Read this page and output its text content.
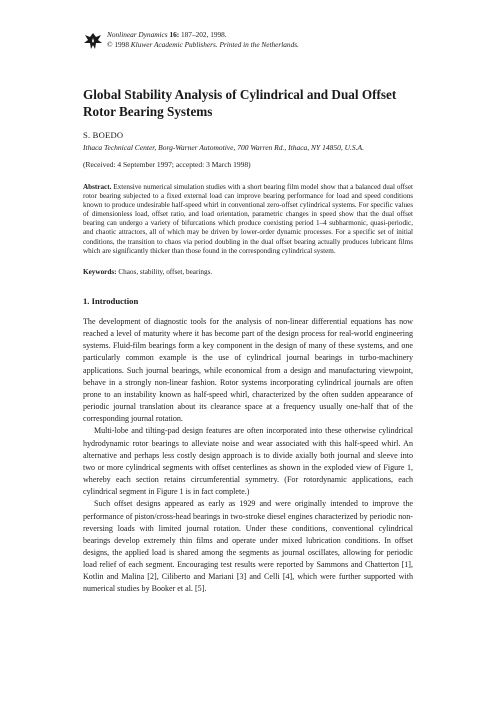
Nonlinear Dynamics 16: 187–202, 1998.
© 1998 Kluwer Academic Publishers. Printed in the Netherlands.
Global Stability Analysis of Cylindrical and Dual Offset Rotor Bearing Systems
S. BOEDO
Ithaca Technical Center, Borg-Warner Automotive, 700 Warren Rd., Ithaca, NY 14850, U.S.A.
(Received: 4 September 1997; accepted: 3 March 1998)

Abstract. Extensive numerical simulation studies with a short bearing film model show that a balanced dual offset rotor bearing subjected to a fixed external load can improve bearing performance for load and speed conditions known to produce undesirable half-speed whirl in conventional zero-offset cylindrical systems. For specific values of dimensionless load, offset ratio, and load orientation, parametric changes in speed show that the dual offset bearing can undergo a variety of bifurcations which produce coexisting period 1–4 subharmonic, quasi-periodic, and chaotic attractors, all of which may be driven by lower-order dynamic processes. For a specific set of initial conditions, the transition to chaos via period doubling in the dual offset bearing actually produces lubricant films which are significantly thicker than those found in the corresponding cylindrical system.

Keywords: Chaos, stability, offset, bearings.
1. Introduction

The development of diagnostic tools for the analysis of non-linear differential equations has now reached a level of maturity where it has become part of the design process for real-world engineering systems. Fluid-film bearings form a key component in the design of many of these systems, and one particularly common example is the use of cylindrical journal bearings in turbo-machinery applications. Such journal bearings, while economical from a design and manufacturing viewpoint, behave in a strongly non-linear fashion. Rotor systems incorporating cylindrical journals are often prone to an instability known as half-speed whirl, characterized by the often sudden appearance of periodic journal translation about its clearance space at a frequency usually one-half that of the corresponding journal rotation.

Multi-lobe and tilting-pad design features are often incorporated into these otherwise cylindrical hydrodynamic rotor bearings to alleviate noise and wear associated with this half-speed whirl. An alternative and perhaps less costly design approach is to divide axially both journal and sleeve into two or more cylindrical segments with offset centerlines as shown in the exploded view of Figure 1, whereby each section retains circumferential symmetry. (For rotordynamic applications, each cylindrical segment in Figure 1 is in fact complete.)

Such offset designs appeared as early as 1929 and were originally intended to improve the performance of piston/cross-head bearings in two-stroke diesel engines characterized by periodic non-reversing loads with limited journal rotation. Under these conditions, conventional cylindrical bearings develop extremely thin films and operate under mixed lubrication conditions. In offset designs, the applied load is shared among the segments as journal oscillates, allowing for periodic load relief of each segment. Encouraging test results were reported by Sammons and Chatterton [1], Kotlin and Malina [2], Ciliberto and Mariani [3] and Celli [4], which were further supported with numerical studies by Booker et al. [5].
